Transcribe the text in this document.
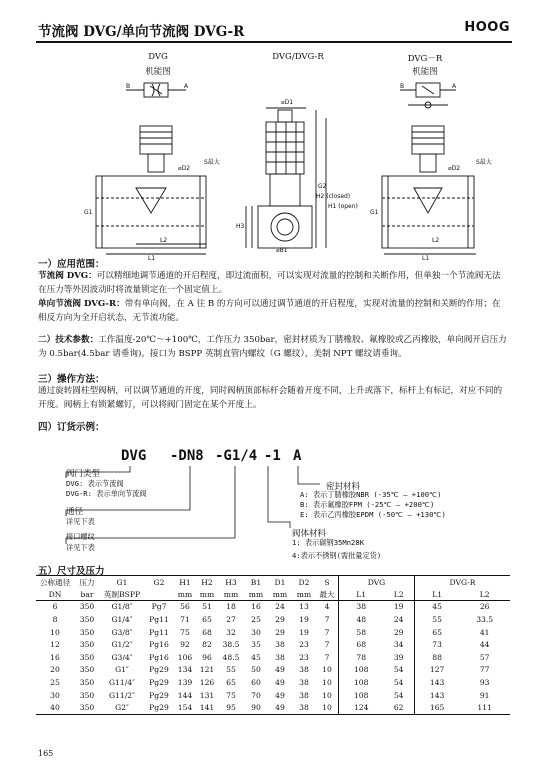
节流阀 DVG/单向节流阀 DVG-R	HOOG
DVG
机能图
DVG/DVG-R	DVG－R
机能图
B	A
⌀D2
S最大
G1
L2
L1
⌀D1
G2
H3
H2 (closed)
H1 (open)
⌀B1
B	A
⌀D2
S最大
G1
L2
L1
一）应用范围：
节流阀 DVG：可以精细地调节通道的开启程度，即过流面积，可以实现对流量的控制和关断作用，但单独一个节流阀无法在压力等外因波动时将流量锁定在一个固定值上。
单向节流阀 DVG-R：带有单向阀，在 A 往 B 的方向可以通过调节通道的开启程度，实现对流量的控制和关断的作用；在相反方向为全开启状态，无节流功能。
二）技术参数：工作温度-20℃～+100℃，工作压力 350bar，密封材质为丁腈橡胶、氟橡胶或乙丙橡胶，单向阀开启压力为 0.5bar(4.5bar 请垂询)。接口为 BSPP 英制直管内螺纹（G 螺纹），美制 NPT 螺纹请垂询。
三）操作方法：
通过旋转圆柱型阀柄，可以调节通道的开度，同时阀柄顶部标杆会随着开度不同，上升或落下，标杆上有标记，对应不同的开度。阀柄上有锁紧螺钉，可以将阀门固定在某个开度上。
四）订货示例：
DVG -DN8 -G1/4 -1 A
阀门类型
DVG: 表示节流阀
DVG-R: 表示单向节流阀
通径
详见下表
接口螺纹
详见下表
密封材料
A: 表示丁腈橡胶NBR (-35℃ — +100℃)
B: 表示氟橡胶FPM (-25℃ — +200℃)
E: 表示乙丙橡胶EPDM (-50℃ — +130℃)
阀体材料
1: 表示碳钢35Mn28K
4:表示不锈钢(需批量定货)
五）尺寸及压力
公称通径	压力	G1	G2	H1	H2	H3	B1	D1	D2	S	DVG		DVG-R	
DN	bar	英制BSPP		mm	mm	mm	mm	mm	mm	最大	L1	L2	L1	L2
6	350	G1/8″	Pg7	56	51	18	16	24	13	4	38	19	45	26
8	350	G1/4″	Pg11	71	65	27	25	29	19	7	48	24	55	33.5
10	350	G3/8″	Pg11	75	68	32	30	29	19	7	58	29	65	41
12	350	G1/2″	Pg16	92	82	38.5	35	38	23	7	68	34	73	44
16	350	G3/4″	Pg16	106	96	48.5	45	38	23	7	78	39	88	57
20	350	G1″	Pg29	134	121	55	50	49	38	10	108	54	127	77
25	350	G11/4″	Pg29	139	126	65	60	49	38	10	108	54	143	93
30	350	G11/2″	Pg29	144	131	75	70	49	38	10	108	54	143	91
40	350	G2″	Pg29	154	141	95	90	49	38	10	124	62	165	111
165
